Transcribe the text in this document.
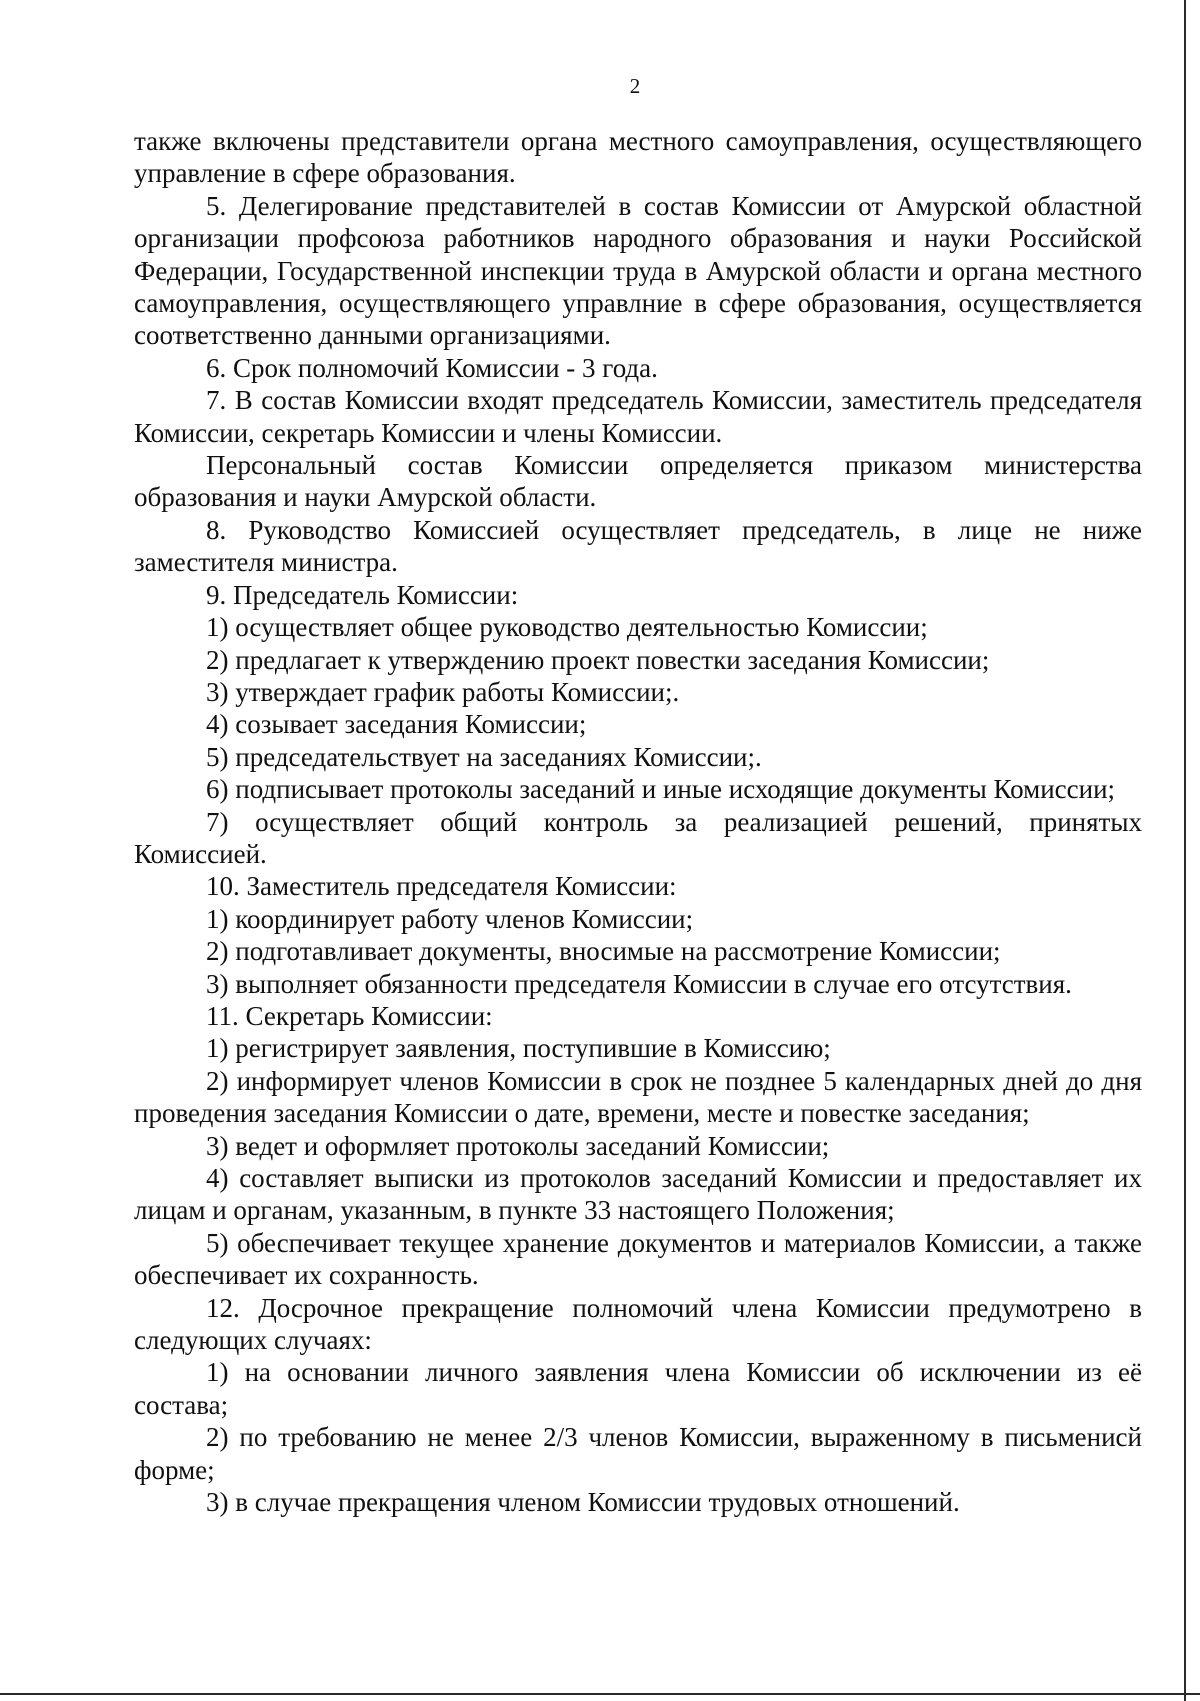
2

также включены представители органа местного самоуправления, осуществляющего управление в сфере образования.

5. Делегирование представителей в состав Комиссии от Амурской областной организации профсоюза работников народного образования и науки Российской Федерации, Государственной инспекции труда в Амурской области и органа местного самоуправления, осуществляющего управлние в сфере образования, осуществляется соответственно данными организациями.

6. Срок полномочий Комиссии - 3 года.

7. В состав Комиссии входят председатель Комиссии, заместитель председателя Комиссии, секретарь Комиссии и члены Комиссии.

Персональный состав Комиссии определяется приказом министерства образования и науки Амурской области.

8. Руководство Комиссией осуществляет председатель, в лице не ниже заместителя министра.

9. Председатель Комиссии:

1) осуществляет общее руководство деятельностью Комиссии;

2) предлагает к утверждению проект повестки заседания Комиссии;

3) утверждает график работы Комиссии;.

4) созывает заседания Комиссии;

5) председательствует на заседаниях Комиссии;.

6) подписывает протоколы заседаний и иные исходящие документы Комиссии;

7) осуществляет общий контроль за реализацией решений, принятых Комиссией.

10. Заместитель председателя Комиссии:

1) координирует работу членов Комиссии;

2) подготавливает документы, вносимые на рассмотрение Комиссии;

3) выполняет обязанности председателя Комиссии в случае его отсутствия.

11. Секретарь Комиссии:

1) регистрирует заявления, поступившие в Комиссию;

2) информирует членов Комиссии в срок не позднее 5 календарных дней до дня проведения заседания Комиссии о дате, времени, месте и повестке заседания;

3) ведет и оформляет протоколы заседаний Комиссии;

4) составляет выписки из протоколов заседаний Комиссии и предоставляет их лицам и органам, указанным, в пункте 33 настоящего Положения;

5) обеспечивает текущее хранение документов и материалов Комиссии, а также обеспечивает их сохранность.

12. Досрочное прекращение полномочий члена Комиссии предумотрено в следующих случаях:

1) на основании личного заявления члена Комиссии об исключении из её состава;

2) по требованию не менее 2/3 членов Комиссии, выраженному в письменисй форме;

3) в случае прекращения членом Комиссии трудовых отношений.
